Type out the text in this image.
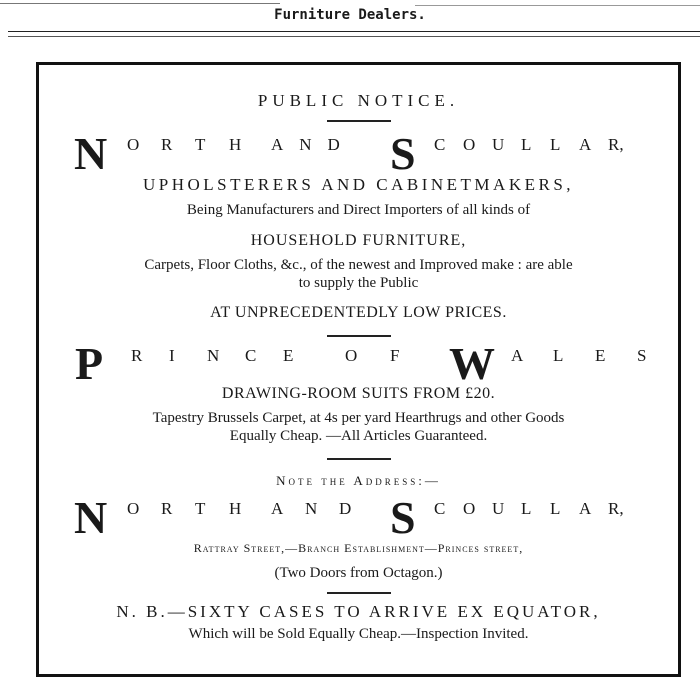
Furniture Dealers.
PUBLIC NOTICE.
N O R T H	AND S C O U L L A R,
UPHOLSTERERS AND CABINETMAKERS,
Being Manufacturers and Direct Importers of all kinds of
HOUSEHOLD FURNITURE,
Carpets, Floor Cloths, &c., of the newest and Improved make : are able
to supply the Public
AT UNPRECEDENTEDLY LOW PRICES.
P R I N C E	O F	W A L E S
DRAWING-ROOM SUITS FROM £20.
Tapestry Brussels Carpet, at 4s per yard Hearthrugs and other Goods
Equally Cheap. —All Articles Guaranteed.
Note the Address:—
N O R T H	A N D S C O U L L A R,
Rattray Street,—Branch Establishment—Princes street,
(Two Doors from Octagon.)
N. B.—SIXTY CASES TO ARRIVE EX EQUATOR,
Which will be Sold Equally Cheap.—Inspection Invited.
